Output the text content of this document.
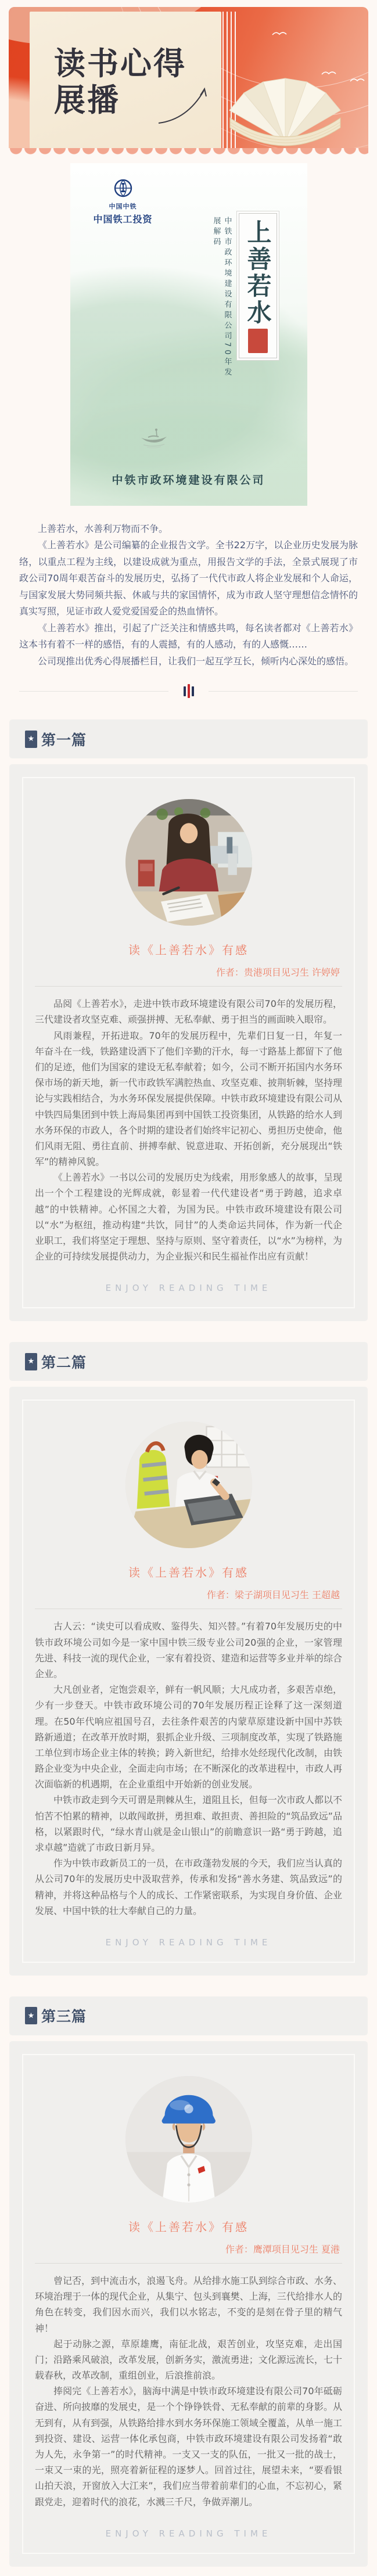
读书心得
展播
中国中铁
中国铁工投资	中铁市政环境建设有限公司70年发展解码 上善若水
中铁市政环境建设有限公司

上善若水，水善利万物而不争。

《上善若水》是公司编纂的企业报告文学。全书22万字，以企业历史发展为脉络，以重点工程为主线，以建设成就为重点，用报告文学的手法，全景式展现了市政公司70周年艰苦奋斗的发展历史，弘扬了一代代市政人将企业发展和个人命运，与国家发展大势同频共振、休戚与共的家国情怀，成为市政人坚守理想信念情怀的真实写照，见证市政人爱党爱国爱企的热血情怀。

《上善若水》推出，引起了广泛关注和情感共鸣，每名读者都对《上善若水》这本书有着不一样的感悟，有的人震撼，有的人感动，有的人感慨……

公司现推出优秀心得展播栏目，让我们一起互学互长，倾听内心深处的感悟。

★ 第一篇
读《上善若水》有感
作者：贵港项目见习生 许婷婷

品阅《上善若水》，走进中铁市政环境建设有限公司70年的发展历程，三代建设者攻坚克难、顽强拼搏、无私奉献、勇于担当的画面映入眼帘。

风雨兼程，开拓进取。70年的发展历程中，先辈们日复一日，年复一年奋斗在一线，铁路建设洒下了他们辛勤的汗水，每一寸路基上都留下了他们的足迹，他们为国家的建设无私奉献着；如今，公司不断开拓国内水务环保市场的新天地，新一代市政铁军满腔热血、攻坚克难、披荆斩棘，坚持理论与实践相结合，为水务环保发展提供保障。中铁市政环境建设有限公司从中铁四局集团到中铁上海局集团再到中国铁工投资集团，从铁路的给水人到水务环保的市政人，各个时期的建设者们始终牢记初心、勇担历史使命，他们风雨无阻、勇往直前、拼搏奉献、锐意进取、开拓创新，充分展现出“铁军”的精神风貌。

《上善若水》一书以公司的发展历史为线索，用形象感人的故事，呈现出一个个工程建设的光辉成就，彰显着一代代建设者“勇于跨越，追求卓越”的中铁精神。心怀国之大着，为国为民。中铁市政环境建设有限公司以“水”为枢纽，推动构建“共饮，同甘”的人类命运共同体，作为新一代企业职工，我们将坚定于理想、坚持与原则、坚守着责任，以“水”为榜样，为企业的可持续发展提供动力，为企业振兴和民生福祉作出应有贡献！

ENJOY READING TIME
★ 第二篇
读《上善若水》有感
作者：梁子湖项目见习生 王超越

古人云：“读史可以看成败、鉴得失、知兴替。”有着70年发展历史的中铁市政环境公司如今是一家中国中铁三级专业公司20强的企业，一家管理先进、科技一流的现代企业，一家有着投资、建造和运营等多业并举的综合企业。

大凡创业者，定饱尝艰辛，鲜有一帆风顺；大凡成功者，多艰苦卓绝，少有一步登天。中铁市政环境公司的70年发展历程正诠释了这一深刻道理。在50年代响应祖国号召，去往条件艰苦的内蒙草原建设新中国中苏铁路新通道；在改革开放时期，狠抓企业升级、三项制度改革，实现了铁路施工单位到市场企业主体的转换；跨入新世纪，给排水处经现代化改制，由铁路企业变为中央企业，全面走向市场；在不断深化的改革进程中，市政人再次面临新的机遇期，在企业重组中开始新的创业发展。

中铁市政走到今天可谓是荆棘从生，道阻且长，但每一次市政人都以不怕苦不怕累的精神，以敢闯敢拼，勇担难、敢担责、善担险的“筑品致远”品格，以紧跟时代，“绿水青山就是金山银山”的前瞻意识一路“勇于跨越，追求卓越”造就了市政日新月异。

作为中铁市政新员工的一员，在市政蓬勃发展的今天，我们应当认真的从公司70年的发展历史中汲取营养，传承和发扬“善水务建、筑品致远”的 精神，并将这种品格与个人的成长、工作紧密联系，为实现自身价值、企业发展、中国中铁的壮大奉献自己的力量。

ENJOY READING TIME
★ 第三篇
读《上善若水》有感
作者：鹰潭项目见习生 夏港

曾记否，到中流击水，浪遏飞舟。从给排水施工队到综合市政、水务、环境治理于一体的现代企业，从集宁、包头到襄樊、上海，三代给排水人的角色在转变，我们因水而兴，我们以水铭志，不变的是刻在骨子里的精气神！

起于动脉之源，草原雄鹰，南征北战，艰苦创业，攻坚克难，走出国门；沿路乘风破浪，改革发展，创新务实，激流勇进；文化源远流长，七十载春秋，改革改制，重组创业，后浪推前浪。

捧阅完《上善若水》，脑海中满是中铁市政环境建设有限公司70年砥砺奋进、所向披靡的发展史，是一个个铮铮铁骨、无私奉献的前辈的身影。从无到有，从有到强，从铁路给排水到水务环保施工领域全覆盖，从单一施工到投资、建设、运营一体化承包商，中铁市政环境建设有限公司发扬着“敢为人先，永争第一”的时代精神。一支又一支的队伍，一批又一批的战士，一束又一束的光，照亮着新征程的逐梦人。回首过往，展望未来，“要看银山拍天浪，开窗放入大江来”，我们应当带着前辈们的心血，不忘初心，紧跟党走，迎着时代的浪花，水溅三千尺，争做弄潮儿。

ENJOY READING TIME
